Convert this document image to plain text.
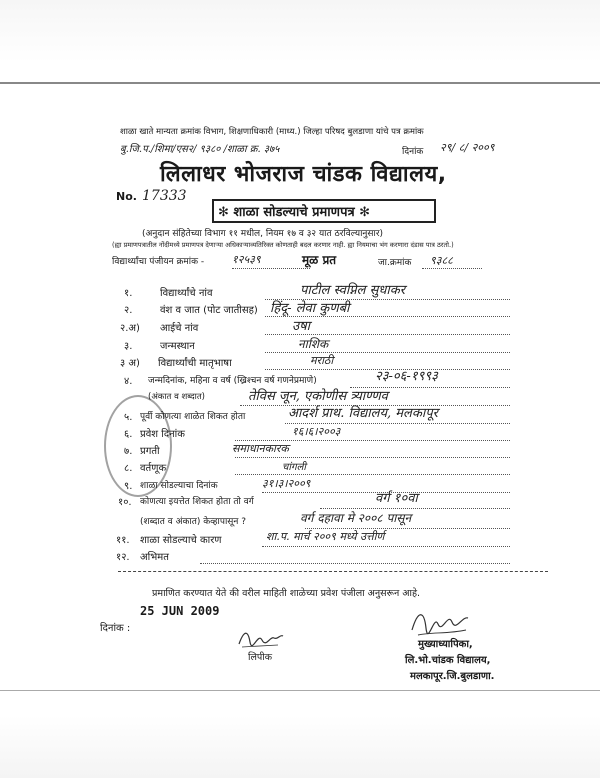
शाळा खाते मान्यता क्रमांक विभाग, शिक्षणाधिकारी (माध्य.) जिल्हा परिषद बुलडाणा यांचे पत्र क्रमांक
बु.जि.प./शिमा/एस२/ ९३८० /शाळा क्र. ३७५	दिनांक २९/ ८/ २००९
लिलाधर भोजराज चांडक विद्यालय,
No. 17333
✻ शाळा सोडल्याचे प्रमाणपत्र ✻
(अनुदान संहितेच्या विभाग ११ मधील, नियम १७ व ३२ यात ठरविल्यानुसार)
(ह्या प्रमाणपत्रातील नोंदीमध्ये प्रमाणपत्र देणाऱ्या अधिकाऱ्याव्यतिरिक्त कोणताही बदल करणार नाही. ह्या नियमाचा भंग करणारा दंडास पात्र ठरतो.)
विद्यार्थ्यांचा पंजीयन क्रमांक -	१२५३९	मूळ प्रत	जा.क्रमांक ९३८८
१.	विद्यार्थ्यांचे नांव	पाटील स्वप्निल सुधाकर
२.	वंश व जात (पोट जातीसह) हिंदू- लेवा कुणबी
२.अ) आईचे नांव	उषा
३.	जन्मस्थान	नाशिक
३ अ) विद्यार्थ्यांची मातृभाषा	मराठी
४. जन्मदिनांक, महिना व वर्ष (ख्रिश्चन वर्ष गणनेप्रमाणे)	२३-०६-१९९३
(अंकात व शब्दात)	तेविस जून, एकोणीस त्र्याण्णव
५. पूर्वी कोणत्या शाळेत शिकत होता	आदर्श प्राथ. विद्यालय, मलकापूर
६. प्रवेश दिनांक	१६।६।२००३
७. प्रगती	समाधानकारक
८. वर्तणूक	चांगली
९. शाळा सोडल्याचा दिनांक	३१।३।२००९
१०. कोणत्या इयत्तेत शिकत होता तो वर्ग	वर्ग १०वा
(शब्दात व अंकात) केव्हापासून ?	वर्ग दहावा मे २००८ पासून
११. शाळा सोडल्याचे कारण	शा.प. मार्च २००९ मध्ये उत्तीर्ण
१२. अभिमत
प्रमाणित करण्यात येते की वरील माहिती शाळेच्या प्रवेश पंजीला अनुसरून आहे.
25 JUN 2009
दिनांक :
लिपीक
मुख्याध्यापिका,
लि.भो.चांडक विद्यालय,
मलकापूर.जि.बुलडाणा.
